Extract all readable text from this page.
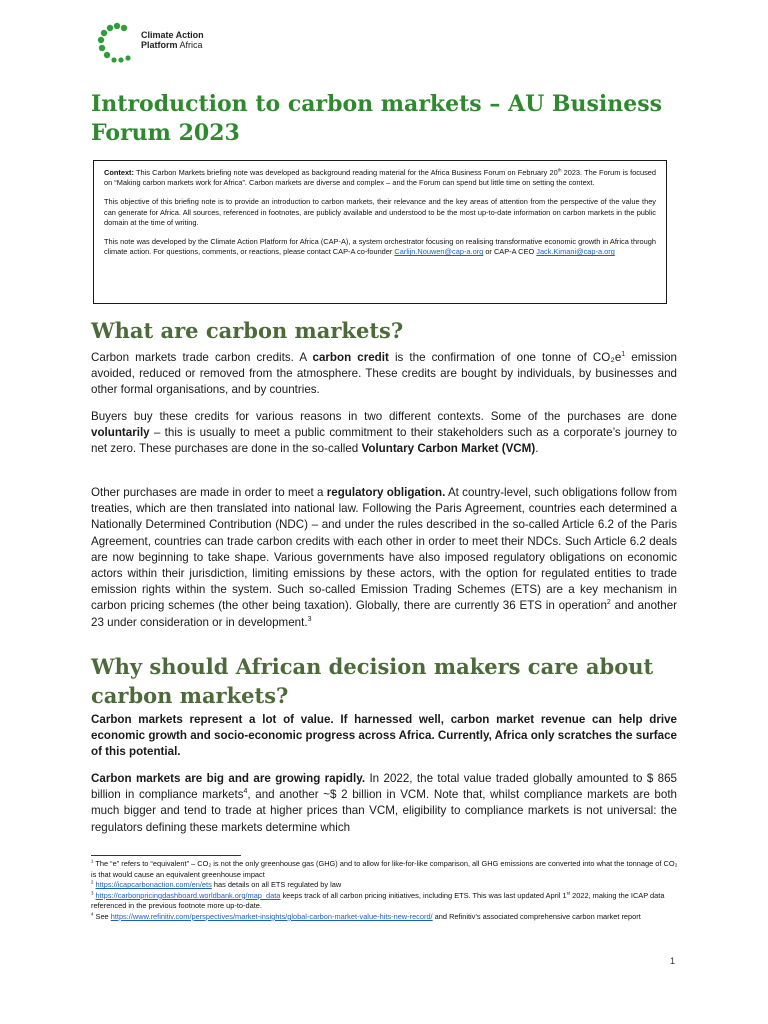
Climate Action
Platform Africa
Introduction to carbon markets – AU Business Forum 2023

Context: This Carbon Markets briefing note was developed as background reading material for the Africa Business Forum on February 20th 2023. The Forum is focused on “Making carbon markets work for Africa”. Carbon markets are diverse and complex – and the Forum can spend but little time on setting the context.

This objective of this briefing note is to provide an introduction to carbon markets, their relevance and the key areas of attention from the perspective of the value they can generate for Africa. All sources, referenced in footnotes, are publicly available and understood to be the most up-to-date information on carbon markets in the public domain at the time of writing.

This note was developed by the Climate Action Platform for Africa (CAP-A), a system orchestrator focusing on realising transformative economic growth in Africa through climate action. For questions, comments, or reactions, please contact CAP-A co-founder Carlijn.Nouwen@cap-a.org or CAP-A CEO Jack.Kimani@cap-a.org

What are carbon markets?

Carbon markets trade carbon credits. A carbon credit is the confirmation of one tonne of $CO_2e^1$ emission avoided, reduced or removed from the atmosphere. These credits are bought by individuals, by businesses and other formal organisations, and by countries.

Buyers buy these credits for various reasons in two different contexts. Some of the purchases are done voluntarily – this is usually to meet a public commitment to their stakeholders such as a corporate’s journey to net zero. These purchases are done in the so-called Voluntary Carbon Market (VCM).

Other purchases are made in order to meet a regulatory obligation. At country-level, such obligations follow from treaties, which are then translated into national law. Following the Paris Agreement, countries each determined a Nationally Determined Contribution (NDC) – and under the rules described in the so-called Article 6.2 of the Paris Agreement, countries can trade carbon credits with each other in order to meet their NDCs. Such Article 6.2 deals are now beginning to take shape. Various governments have also imposed regulatory obligations on economic actors within their jurisdiction, limiting emissions by these actors, with the option for regulated entities to trade emission rights within the system. Such so-called Emission Trading Schemes (ETS) are a key mechanism in carbon pricing schemes (the other being taxation). Globally, there are currently 36 ETS in operation$^2$ and another 23 under consideration or in development.$^3$

Why should African decision makers care about carbon markets?

Carbon markets represent a lot of value. If harnessed well, carbon market revenue can help drive economic growth and socio-economic progress across Africa. Currently, Africa only scratches the surface of this potential.

Carbon markets are big and are growing rapidly. In 2022, the total value traded globally amounted to $ 865 billion in compliance markets$^4$, and another ~$ 2 billion in VCM. Note that, whilst compliance markets are both much bigger and tend to trade at higher prices than VCM, eligibility to compliance markets is not universal: the regulators defining these markets determine which

$^1$ The “e” refers to “equivalent” – CO₂ is not the only greenhouse gas (GHG) and to allow for like-for-like comparison, all GHG emissions are converted into what the tonnage of CO₂ is that would cause an equivalent greenhouse impact
$^2$ https://icapcarbonaction.com/en/ets has details on all ETS regulated by law
$^3$ https://carbonpricingdashboard.worldbank.org/map_data keeps track of all carbon pricing initiatives, including ETS. This was last updated April 1st 2022, making the ICAP data referenced in the previous footnote more up-to-date.
$^4$ See https://www.refinitiv.com/perspectives/market-insights/global-carbon-market-value-hits-new-record/ and Refinitiv’s associated comprehensive carbon market report
1
